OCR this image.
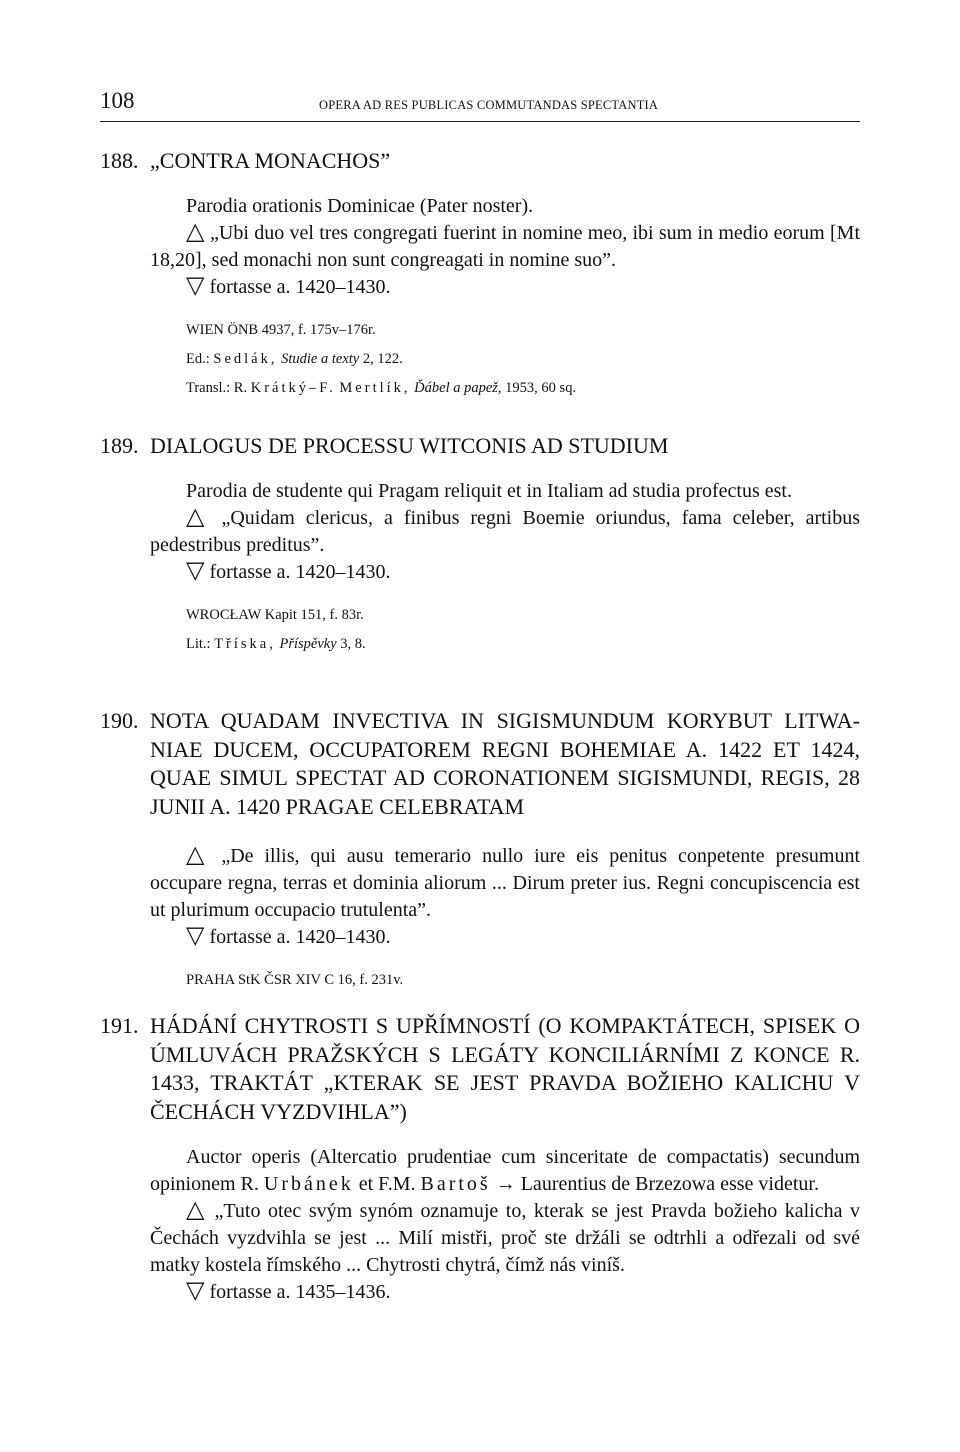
108	OPERA AD RES PUBLICAS COMMUTANDAS SPECTANTIA
188. „CONTRA MONACHOS”

Parodia orationis Dominicae (Pater noster).

△ „Ubi duo vel tres congregati fuerint in nomine meo, ibi sum in medio eorum [Mt 18,20], sed monachi non sunt congreagati in nomine suo”.

▽ fortasse a. 1420–1430.

WIEN ÖNB 4937, f. 175v–176r.
Ed.: Sedlák, Studie a texty 2, 122.
Transl.: R. Krátký–F. Mertlík, Ďábel a papež, 1953, 60 sq.
189. DIALOGUS DE PROCESSU WITCONIS AD STUDIUM

Parodia de studente qui Pragam reliquit et in Italiam ad studia profectus est.

△ „Quidam clericus, a finibus regni Boemie oriundus, fama celeber, artibus pedestribus preditus”.

▽ fortasse a. 1420–1430.

WROCŁAW Kapit 151, f. 83r.
Lit.: Tříska, Příspěvky 3, 8.
190. NOTA QUADAM INVECTIVA IN SIGISMUNDUM KORYBUT LITWANIAE DUCEM, OCCUPATOREM REGNI BOHEMIAE A. 1422 ET 1424, QUAE SIMUL SPECTAT AD CORONATIONEM SIGISMUNDI, REGIS, 28 JUNII A. 1420 PRAGAE CELEBRATAM

△ „De illis, qui ausu temerario nullo iure eis penitus conpetente presumunt occupare regna, terras et dominia aliorum ... Dirum preter ius. Regni concupiscencia est ut plurimum occupacio trutulenta”.

▽ fortasse a. 1420–1430.

PRAHA StK ČSR XIV C 16, f. 231v.
191. HÁDÁNÍ CHYTROSTI S UPŘÍMNOSTÍ (O KOMPAKTÁTECH, SPISEK O ÚMLUVÁCH PRAŽSKÝCH S LEGÁTY KONCILIÁRNÍMI Z KONCE R. 1433, TRAKTÁT „KTERAK SE JEST PRAVDA BOŽIEHO KALICHU V ČECHÁCH VYZDVIHLA”)

Auctor operis (Altercatio prudentiae cum sinceritate de compactatis) secundum opinionem R. Urbánek et F.M. Bartoš → Laurentius de Brzezowa esse videtur.

△ „Tuto otec svým synóm oznamuje to, kterak se jest Pravda božieho kalicha v Čechách vyzdvihla se jest ... Milí mistři, proč ste držáli se odtrhli a odřezali od své matky kostela římského ... Chytrosti chytrá, čímž nás viníš.

▽ fortasse a. 1435–1436.
